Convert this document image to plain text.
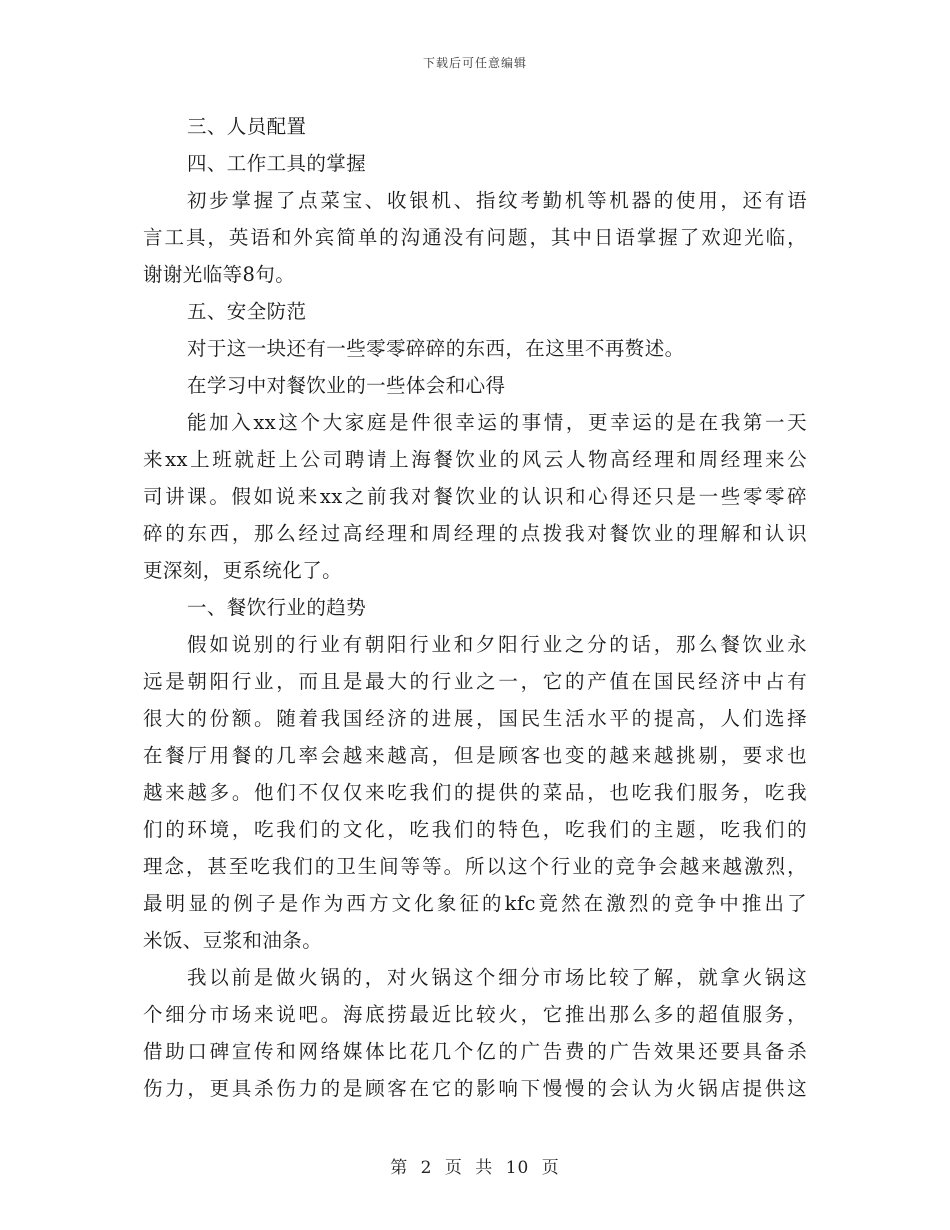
下载后可任意编辑
三、人员配置
四、工作工具的掌握
初步掌握了点菜宝、收银机、指纹考勤机等机器的使用，还有语
言工具，英语和外宾简单的沟通没有问题，其中日语掌握了欢迎光临，
谢谢光临等8句。
五、安全防范
对于这一块还有一些零零碎碎的东西，在这里不再赘述。
在学习中对餐饮业的一些体会和心得
能加入xx这个大家庭是件很幸运的事情，更幸运的是在我第一天
来xx上班就赶上公司聘请上海餐饮业的风云人物高经理和周经理来公
司讲课。假如说来xx之前我对餐饮业的认识和心得还只是一些零零碎
碎的东西，那么经过高经理和周经理的点拨我对餐饮业的理解和认识
更深刻，更系统化了。
一、餐饮行业的趋势
假如说别的行业有朝阳行业和夕阳行业之分的话，那么餐饮业永
远是朝阳行业，而且是最大的行业之一，它的产值在国民经济中占有
很大的份额。随着我国经济的进展，国民生活水平的提高，人们选择
在餐厅用餐的几率会越来越高，但是顾客也变的越来越挑剔，要求也
越来越多。他们不仅仅来吃我们的提供的菜品，也吃我们服务，吃我
们的环境，吃我们的文化，吃我们的特色，吃我们的主题，吃我们的
理念，甚至吃我们的卫生间等等。所以这个行业的竞争会越来越激烈，
最明显的例子是作为西方文化象征的kfc竟然在激烈的竞争中推出了
米饭、豆浆和油条。
我以前是做火锅的，对火锅这个细分市场比较了解，就拿火锅这
个细分市场来说吧。海底捞最近比较火，它推出那么多的超值服务，
借助口碑宣传和网络媒体比花几个亿的广告费的广告效果还要具备杀
伤力，更具杀伤力的是顾客在它的影响下慢慢的会认为火锅店提供这
第 2 页 共 10 页
